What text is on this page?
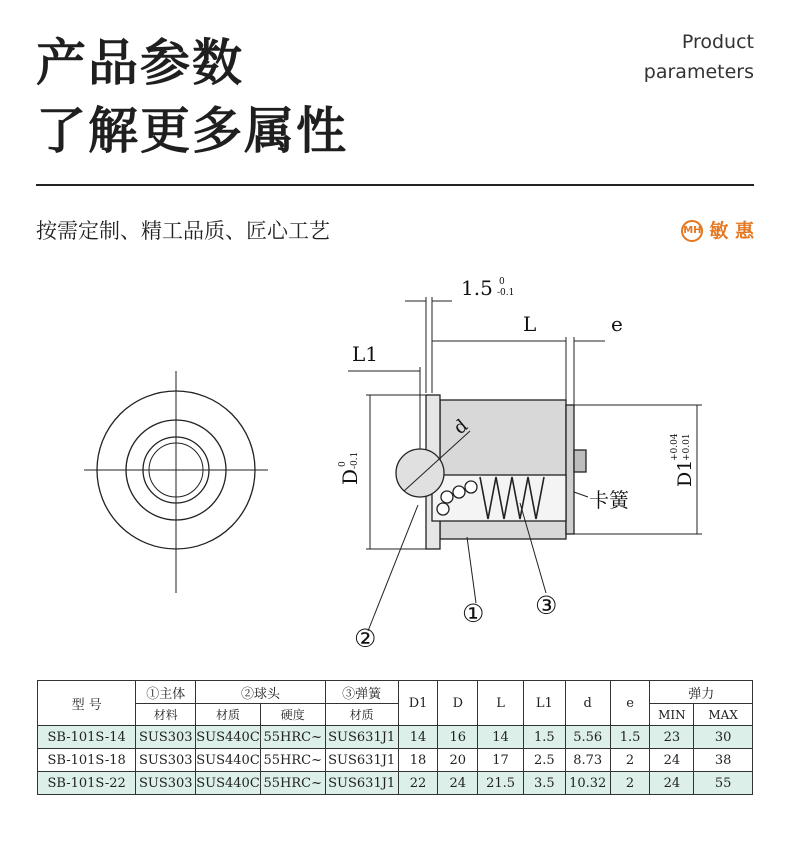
产品参数
了解更多属性
Product
parameters
按需定制、精工品质、匠心工艺	MH 敏 惠
1.5 0
-0.1
L	e
L1
D
0 -0.1	D1
+0.04 +0.01
d
卡簧
① ③
②
型 号	①主体	②球头		③弹簧	D1	D	L	L1	d	e	弹力	
	材料	材质	硬度	材质							MIN	MAX
SB-101S-14	SUS303	SUS440C	55HRC~	SUS631J1	14	16	14	1.5	5.56	1.5	23	30
SB-101S-18	SUS303	SUS440C	55HRC~	SUS631J1	18	20	17	2.5	8.73	2	24	38
SB-101S-22	SUS303	SUS440C	55HRC~	SUS631J1	22	24	21.5	3.5	10.32	2	24	55
